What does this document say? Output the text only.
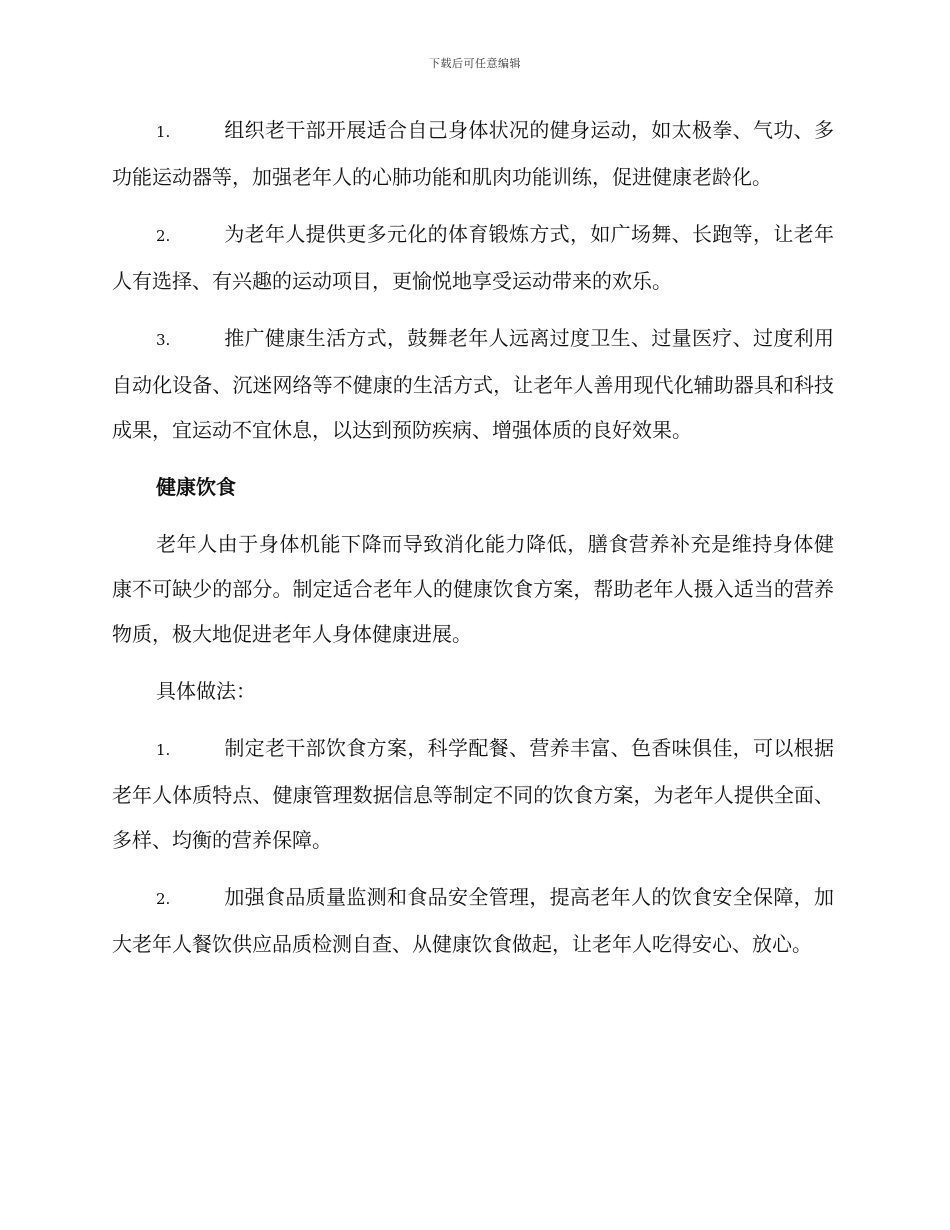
下载后可任意编辑

1.	组织老干部开展适合自己身体状况的健身运动，如太极拳、气功、多功能运动器等，加强老年人的心肺功能和肌肉功能训练，促进健康老龄化。

2.	为老年人提供更多元化的体育锻炼方式，如广场舞、长跑等，让老年人有选择、有兴趣的运动项目，更愉悦地享受运动带来的欢乐。

3.	推广健康生活方式，鼓舞老年人远离过度卫生、过量医疗、过度利用自动化设备、沉迷网络等不健康的生活方式，让老年人善用现代化辅助器具和科技成果，宜运动不宜休息，以达到预防疾病、增强体质的良好效果。

健康饮食

老年人由于身体机能下降而导致消化能力降低，膳食营养补充是维持身体健康不可缺少的部分。制定适合老年人的健康饮食方案，帮助老年人摄入适当的营养物质，极大地促进老年人身体健康进展。

具体做法：

1.	制定老干部饮食方案，科学配餐、营养丰富、色香味俱佳，可以根据老年人体质特点、健康管理数据信息等制定不同的饮食方案，为老年人提供全面、多样、均衡的营养保障。

2.	加强食品质量监测和食品安全管理，提高老年人的饮食安全保障，加大老年人餐饮供应品质检测自查、从健康饮食做起，让老年人吃得安心、放心。
